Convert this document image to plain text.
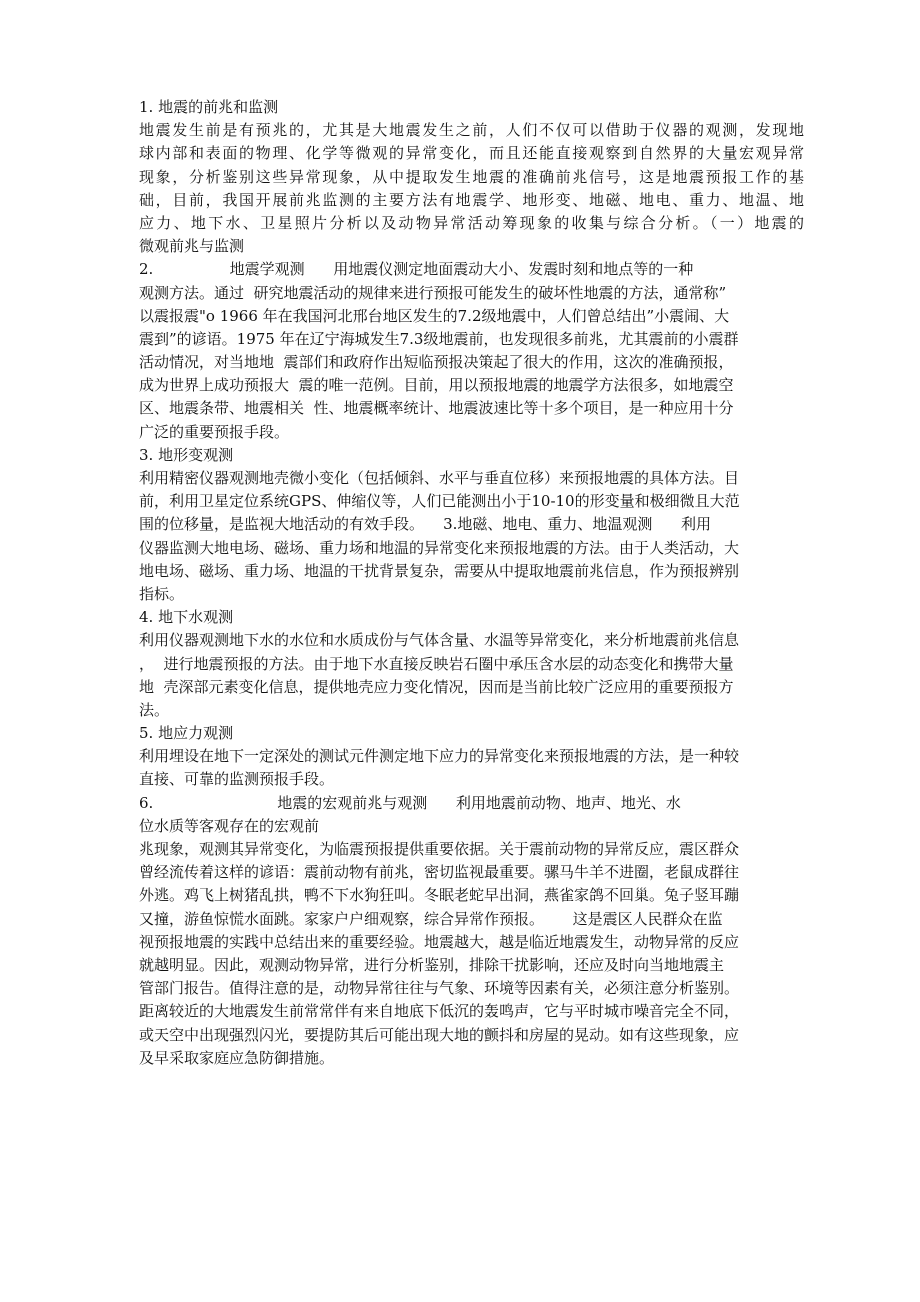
1. 地震的前兆和监测
地震发生前是有预兆的，尤其是大地震发生之前，人们不仅可以借助于仪器的观测，发现地
球内部和表面的物理、化学等微观的异常变化，而且还能直接观察到自然界的大量宏观异常
现象，分析鉴别这些异常现象，从中提取发生地震的准确前兆信号，这是地震预报工作的基
础，目前，我国开展前兆监测的主要方法有地震学、地形变、地磁、地电、重力、地温、地
应力、地下水、卫星照片分析以及动物异常活动筹现象的收集与综合分析。（一）地震的
微观前兆与监测
2.                地震学观测      用地震仪测定地面震动大小、发震时刻和地点等的一种
观测方法。通过  研究地震活动的规律来进行预报可能发生的破坏性地震的方法，通常称”
以震报震"o 1966 年在我国河北邢台地区发生的7.2级地震中，人们曾总结出”小震闹、大
震到”的谚语。1975 年在辽宁海城发生7.3级地震前，也发现很多前兆，尤其震前的小震群
活动情况，对当地地  震部们和政府作出短临预报决策起了很大的作用，这次的准确预报，
成为世界上成功预报大  震的唯一范例。目前，用以预报地震的地震学方法很多，如地震空
区、地震条带、地震相关  性、地震概率统计、地震波速比等十多个项目，是一种应用十分
广泛的重要预报手段。
3. 地形变观测
利用精密仪器观测地壳微小变化（包括倾斜、水平与垂直位移）来预报地震的具体方法。目
前，利用卫星定位系统GPS、伸缩仪等，人们已能测出小于10-10的形变量和极细微且大范
围的位移量，是监视大地活动的有效手段。    3.地磁、地电、重力、地温观测      利用
仪器监测大地电场、磁场、重力场和地温的异常变化来预报地震的方法。由于人类活动，大
地电场、磁场、重力场、地温的干扰背景复杂，需要从中提取地震前兆信息，作为预报辨别
指标。
4. 地下水观测
利用仪器观测地下水的水位和水质成份与气体含量、水温等异常变化，来分析地震前兆信息
，  进行地震预报的方法。由于地下水直接反映岩石圈中承压含水层的动态变化和携带大量
地  壳深部元素变化信息，提供地壳应力变化情况，因而是当前比较广泛应用的重要预报方
法。
5. 地应力观测
利用埋设在地下一定深处的测试元件测定地下应力的异常变化来预报地震的方法，是一种较
直接、可靠的监测预报手段。
6.                          地震的宏观前兆与观测      利用地震前动物、地声、地光、水
位水质等客观存在的宏观前
兆现象，观测其异常变化，为临震预报提供重要依据。关于震前动物的异常反应，震区群众
曾经流传着这样的谚语：震前动物有前兆，密切监视最重要。骡马牛羊不进圈，老鼠成群往
外逃。鸡飞上树猪乱拱，鸭不下水狗狂叫。冬眠老蛇早出洞，燕雀家鸽不回巢。兔子竖耳蹦
又撞，游鱼惊慌水面跳。家家户户细观察，综合异常作预报。      这是震区人民群众在监
视预报地震的实践中总结出来的重要经验。地震越大，越是临近地震发生，动物异常的反应
就越明显。因此，观测动物异常，进行分析鉴别，排除干扰影响，还应及时向当地地震主
管部门报告。值得注意的是，动物异常往往与气象、环境等因素有关，必须注意分析鉴别。
距离较近的大地震发生前常常伴有来自地底下低沉的轰鸣声，它与平时城市噪音完全不同，
或天空中出现强烈闪光，要提防其后可能出现大地的颤抖和房屋的晃动。如有这些现象，应
及早采取家庭应急防御措施。
